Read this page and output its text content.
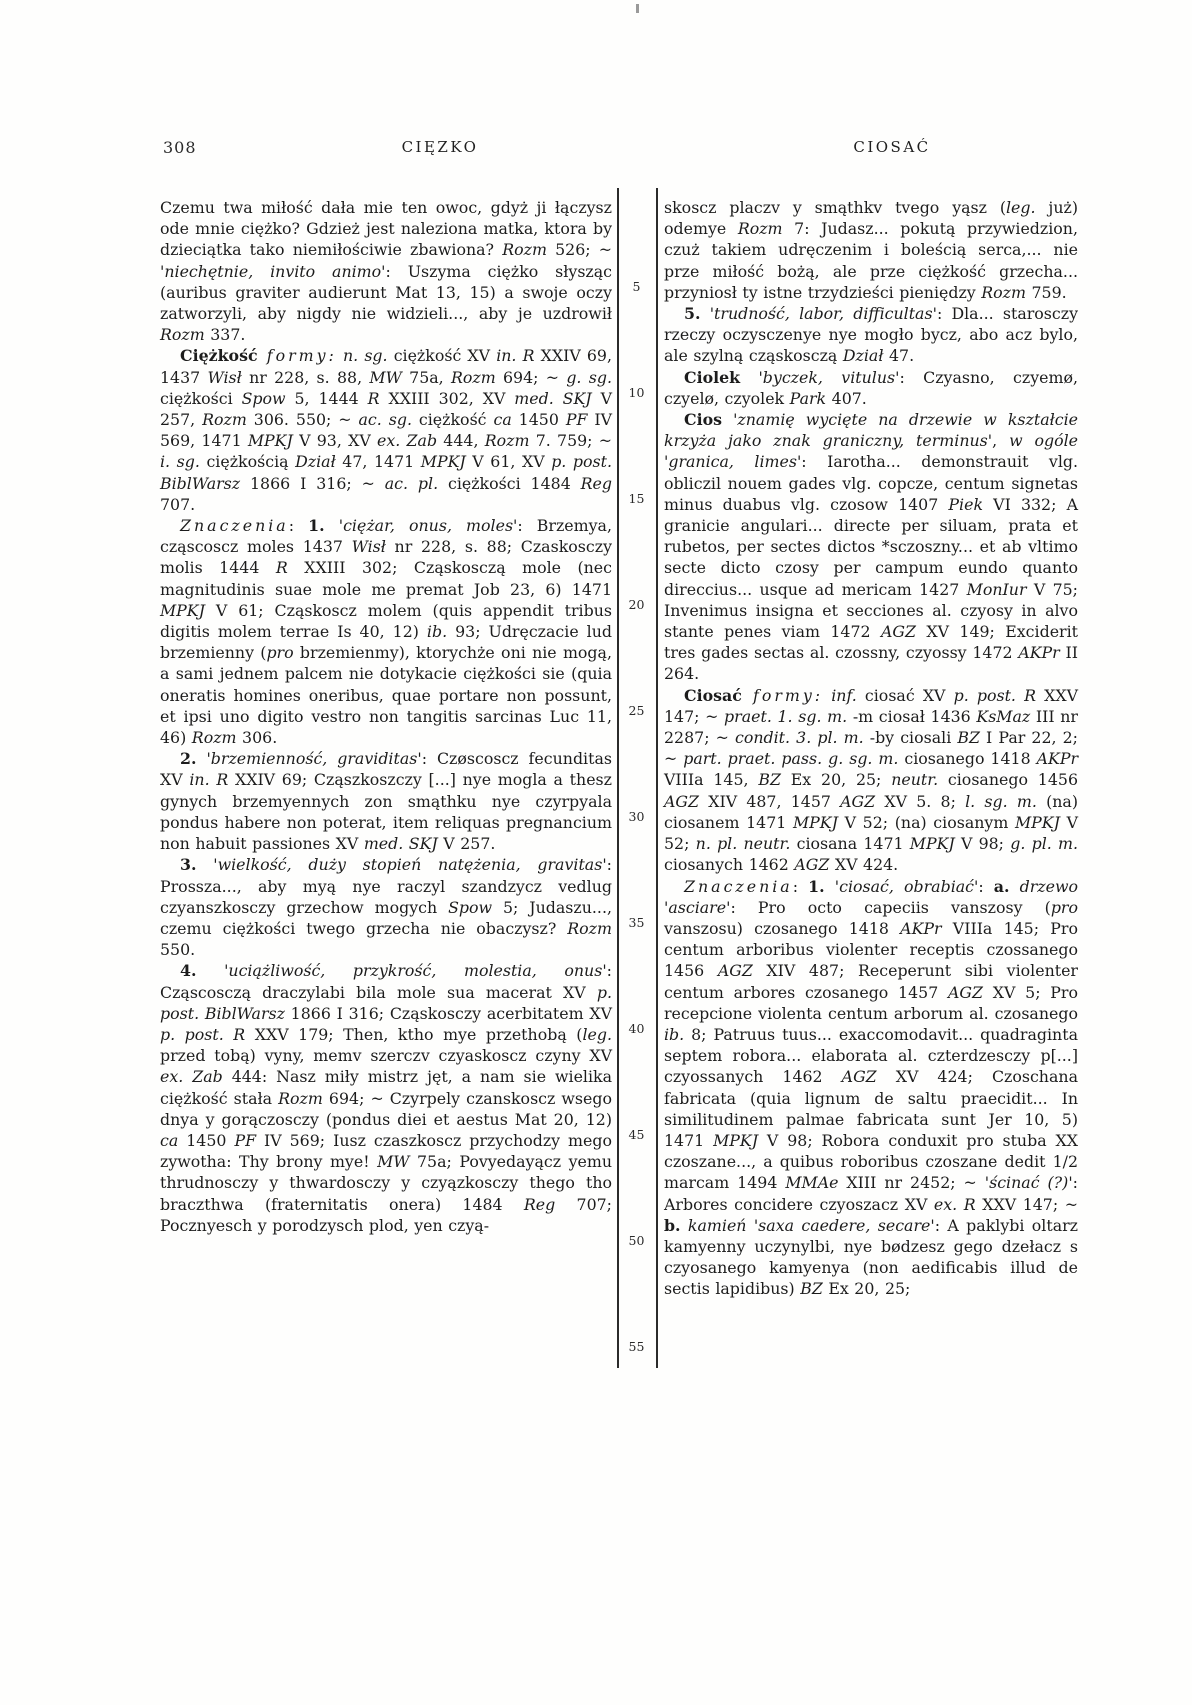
308	CIĘZKO	CIOSAĆ

Czemu twa miłość dała mie ten owoc, gdyż ji łączysz ode mnie ciężko? Gdzież jest naleziona matka, ktora by dzieciątka tako niemiłościwie zbawiona? Rozm 526; ~ 'niechętnie, invito animo': Uszyma ciężko słysząc (auribus graviter audierunt Mat 13, 15) a swoje oczy zatworzyli, aby nigdy nie widzieli..., aby je uzdrowił Rozm 337.

Ciężkość formy: n. sg. ciężkość XV in. R XXIV 69, 1437 Wisł nr 228, s. 88, MW 75a, Rozm 694; ~ g. sg. ciężkości Spow 5, 1444 R XXIII 302, XV med. SKJ V 257, Rozm 306. 550; ~ ac. sg. ciężkość ca 1450 PF IV 569, 1471 MPKJ V 93, XV ex. Zab 444, Rozm 7. 759; ~ i. sg. ciężkością Dział 47, 1471 MPKJ V 61, XV p. post. BiblWarsz 1866 I 316; ~ ac. pl. ciężkości 1484 Reg 707.

Znaczenia: 1. 'ciężar, onus, moles': Brzemya, cząscoscz moles 1437 Wisł nr 228, s. 88; Czaskosczy molis 1444 R XXIII 302; Cząskosczą mole (nec magnitudinis suae mole me premat Job 23, 6) 1471 MPKJ V 61; Cząskoscz molem (quis appendit tribus digitis molem terrae Is 40, 12) ib. 93; Udręczacie lud brzemienny (pro brzemienmy), ktorychże oni nie mogą, a sami jednem palcem nie dotykacie ciężkości sie (quia oneratis homines oneribus, quae portare non possunt, et ipsi uno digito vestro non tangitis sarcinas Luc 11, 46) Rozm 306.

2. 'brzemienność, graviditas': Czøscoscz fecunditas XV in. R XXIV 69; Cząszkoszczy [...] nye mogla a thesz gynych brzemyennych zon smąthku nye czyrpyala pondus habere non poterat, item reliquas pregnancium non habuit passiones XV med. SKJ V 257.

3. 'wielkość, duży stopień natężenia, gravitas': Prossza..., aby myą nye raczyl szandzycz vedlug czyanszkosczy grzechow mogych Spow 5; Judaszu..., czemu ciężkości twego grzecha nie obaczysz? Rozm 550.

4. 'uciążliwość, przykrość, molestia, onus': Cząscosczą draczylabi bila mole sua macerat XV p. post. BiblWarsz 1866 I 316; Cząskosczy acerbitatem XV p. post. R XXV 179; Then, ktho mye przethobą (leg. przed tobą) vyny, memv szerczv czyaskoscz czyny XV ex. Zab 444: Nasz miły mistrz jęt, a nam sie wielika ciężkość stała Rozm 694; ~ Czyrpely czanskoscz wsego dnya y gorączosczy (pondus diei et aestus Mat 20, 12) ca 1450 PF IV 569; Iusz czaszkoscz przychodzy mego zywotha: Thy brony mye! MW 75a; Povyedayącz yemu thrudnosczy y thwardosczy y czyązkosczy thego tho braczthwa (fraternitatis onera) 1484 Reg 707; Pocznyesch y porodzysch plod, yen czyą-

5
10
15
20
25
30
35
40
45
50
55

skoscz placzv y smąthkv tvego yąsz (leg. już) odemye Rozm 7: Judasz... pokutą przywiedzion, czuż takiem udręczenim i boleścią serca,... nie prze miłość bożą, ale prze ciężkość grzecha... przyniosł ty istne trzydzieści pieniędzy Rozm 759.

5. 'trudność, labor, difficultas': Dla... starosczy rzeczy oczysczenye nye mogło bycz, abo acz bylo, ale szylną cząskosczą Dział 47.

Ciolek 'byczek, vitulus': Czyasno, czyemø, czyelø, czyolek Park 407.

Cios 'znamię wycięte na drzewie w kształcie krzyża jako znak graniczny, terminus', w ogóle 'granica, limes': Iarotha... demonstrauit vlg. obliczil nouem gades vlg. copcze, centum signetas minus duabus vlg. czosow 1407 Piek VI 332; A granicie angulari... directe per siluam, prata et rubetos, per sectes dictos *sczoszny... et ab vltimo secte dicto czosy per campum eundo quanto direccius... usque ad mericam 1427 MonIur V 75; Invenimus insigna et secciones al. czyosy in alvo stante penes viam 1472 AGZ XV 149; Exciderit tres gades sectas al. czossny, czyossy 1472 AKPr II 264.

Ciosać formy: inf. ciosać XV p. post. R XXV 147; ~ praet. 1. sg. m. -m ciosał 1436 KsMaz III nr 2287; ~ condit. 3. pl. m. -by ciosali BZ I Par 22, 2; ~ part. praet. pass. g. sg. m. ciosanego 1418 AKPr VIIIa 145, BZ Ex 20, 25; neutr. ciosanego 1456 AGZ XIV 487, 1457 AGZ XV 5. 8; l. sg. m. (na) ciosanem 1471 MPKJ V 52; (na) ciosanym MPKJ V 52; n. pl. neutr. ciosana 1471 MPKJ V 98; g. pl. m. ciosanych 1462 AGZ XV 424.

Znaczenia: 1. 'ciosać, obrabiać': a. drzewo 'asciare': Pro octo capeciis vanszosy (pro vanszosu) czosanego 1418 AKPr VIIIa 145; Pro centum arboribus violenter receptis czossanego 1456 AGZ XIV 487; Receperunt sibi violenter centum arbores czosanego 1457 AGZ XV 5; Pro recepcione violenta centum arborum al. czosanego ib. 8; Patruus tuus... exaccomodavit... quadraginta septem robora... elaborata al. czterdzesczy p[...] czyossanych 1462 AGZ XV 424; Czoschana fabricata (quia lignum de saltu praecidit... In similitudinem palmae fabricata sunt Jer 10, 5) 1471 MPKJ V 98; Robora conduxit pro stuba XX czoszane..., a quibus roboribus czoszane dedit 1/2 marcam 1494 MMAe XIII nr 2452; ~ 'ścinać (?)': Arbores concidere czyoszacz XV ex. R XXV 147; ~ b. kamień 'saxa caedere, secare': A paklybi oltarz kamyenny uczynylbi, nye bødzesz gego dzełacz s czyosanego kamyenya (non aedificabis illud de sectis lapidibus) BZ Ex 20, 25;
